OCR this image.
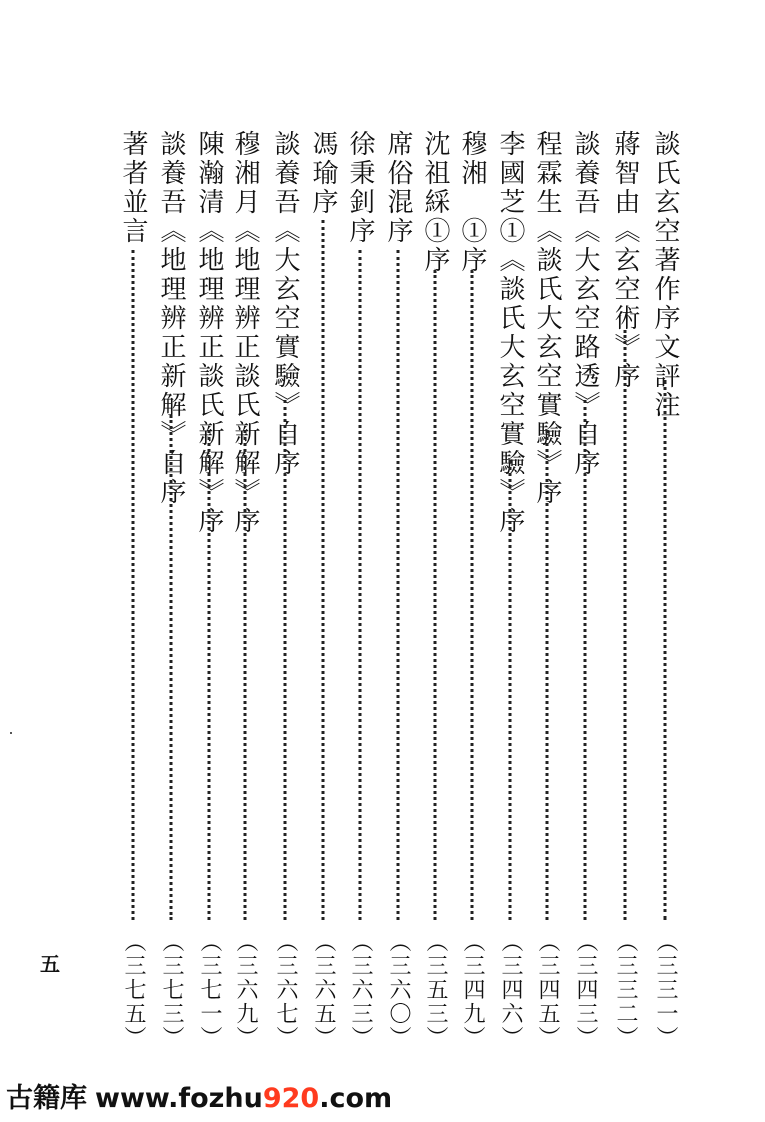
談氏玄空著作序文評注
（三三一）
蔣智由《玄空術》序
（三三二）
談養吾《大玄空路透》自序
（三四三）
程霖生《談氏大玄空實驗》序
（三四五）
李國芝①《談氏大玄空實驗》序
（三四六）
穆湘　①序
（三四九）
沈祖綵①序
（三五三）
席俗混序
（三六〇）
徐秉釗序
（三六三）
馮瑜序
（三六五）
談養吾《大玄空實驗》自序
（三六七）
穆湘月《地理辨正談氏新解》序
（三六九）
陳瀚清《地理辨正談氏新解》序
（三七一）
談養吾《地理辨正新解》自序
（三七三）
著者並言
（三七五）
五
古籍库 www.fozhu920.com
